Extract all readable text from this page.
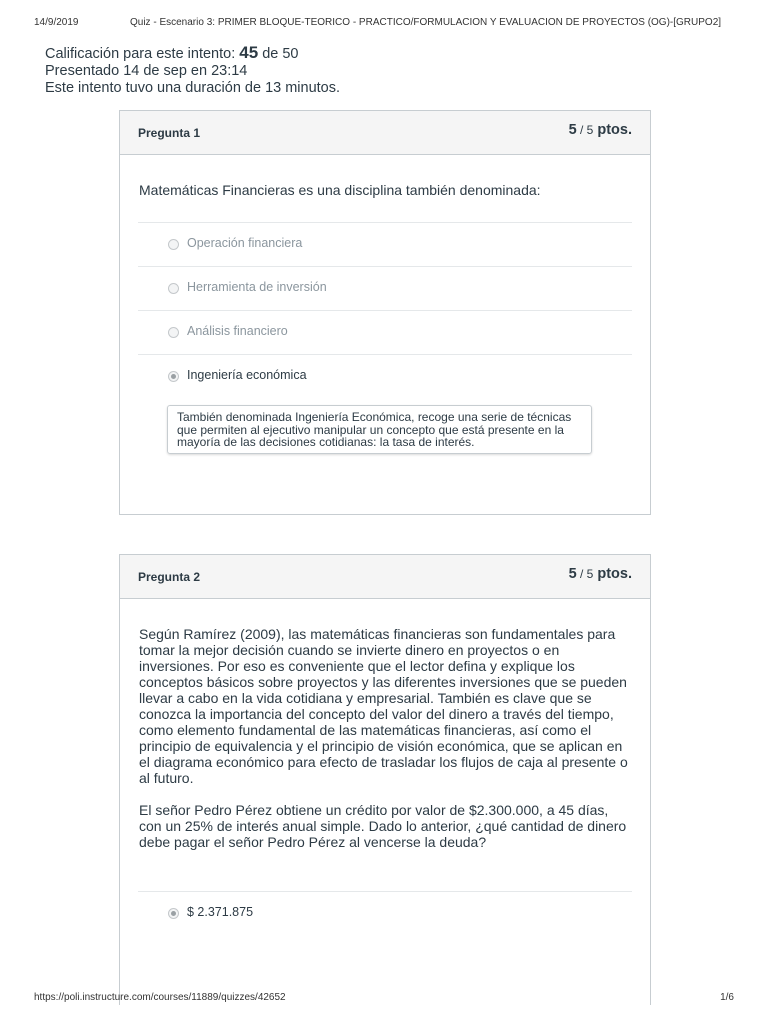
14/9/2019	Quiz - Escenario 3: PRIMER BLOQUE-TEORICO - PRACTICO/FORMULACION Y EVALUACION DE PROYECTOS (OG)-[GRUPO2]
Calificación para este intento: 45 de 50
Presentado 14 de sep en 23:14
Este intento tuvo una duración de 13 minutos.
Pregunta 1	5 / 5 ptos.
Matemáticas Financieras es una disciplina también denominada:
Operación financiera
Herramienta de inversión
Análisis financiero
Ingeniería económica
También denominada Ingeniería Económica, recoge una serie de técnicas que permiten al ejecutivo manipular un concepto que está presente en la mayoría de las decisiones cotidianas: la tasa de interés.
Pregunta 2	5 / 5 ptos.

Según Ramírez (2009), las matemáticas financieras son fundamentales para tomar la mejor decisión cuando se invierte dinero en proyectos o en inversiones. Por eso es conveniente que el lector defina y explique los conceptos básicos sobre proyectos y las diferentes inversiones que se pueden llevar a cabo en la vida cotidiana y empresarial. También es clave que se conozca la importancia del concepto del valor del dinero a través del tiempo, como elemento fundamental de las matemáticas financieras, así como el principio de equivalencia y el principio de visión económica, que se aplican en el diagrama económico para efecto de trasladar los flujos de caja al presente o al futuro.

El señor Pedro Pérez obtiene un crédito por valor de $2.300.000, a 45 días, con un 25% de interés anual simple. Dado lo anterior, ¿qué cantidad de dinero debe pagar el señor Pedro Pérez al vencerse la deuda?

$ 2.371.875
https://poli.instructure.com/courses/11889/quizzes/42652	1/6
